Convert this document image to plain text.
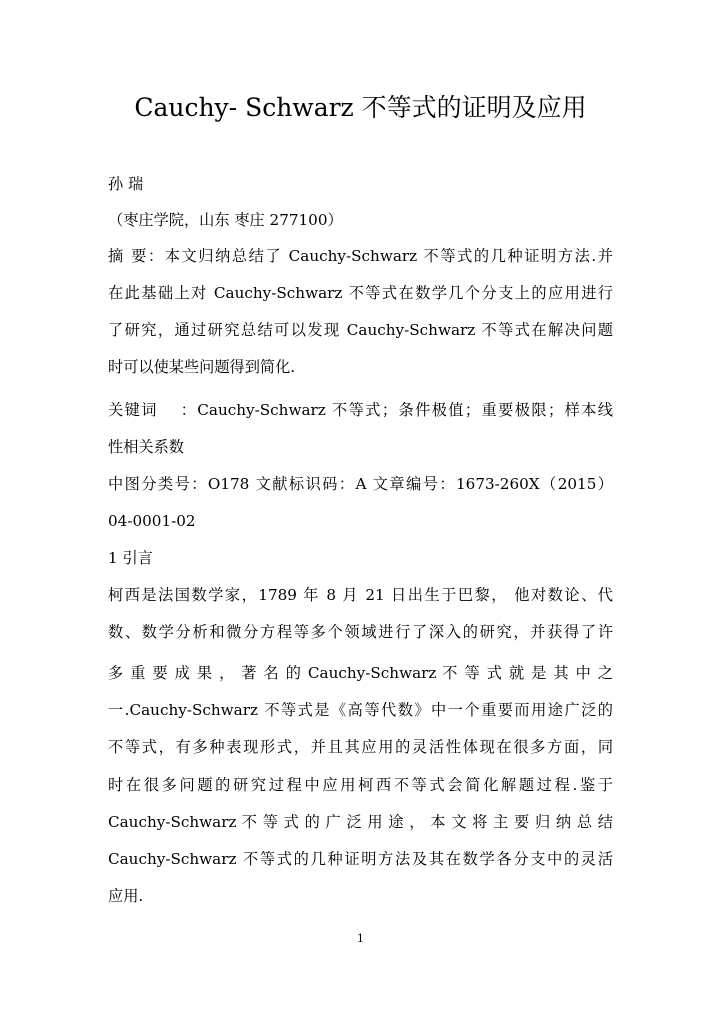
Cauchy- Schwarz 不等式的证明及应用
孙 瑞
（枣庄学院，山东 枣庄 277100）
摘 要：本文归纳总结了 Cauchy-Schwarz 不等式的几种证明方法.并
在此基础上对 Cauchy-Schwarz 不等式在数学几个分支上的应用进行
了研究，通过研究总结可以发现 Cauchy-Schwarz 不等式在解决问题
时可以使某些问题得到简化.
关键词　 ：Cauchy-Schwarz 不等式；条件极值；重要极限；样本线
性相关系数
中图分类号：O178 文献标识码：A 文章编号：1673-260X（2015）
04-0001-02
1 引言
柯西是法国数学家，1789 年 8 月 21 日出生于巴黎， 他对数论、代
数、数学分析和微分方程等多个领域进行了深入的研究，并获得了许
多 重 要 成 果 ， 著 名 的 Cauchy-Schwarz 不 等 式 就 是 其 中 之
一.Cauchy-Schwarz 不等式是《高等代数》中一个重要而用途广泛的
不等式，有多种表现形式，并且其应用的灵活性体现在很多方面，同
时在很多问题的研究过程中应用柯西不等式会简化解题过程.鉴于
Cauchy-Schwarz 不 等 式 的 广 泛 用 途 ， 本 文 将 主 要 归 纳 总 结
Cauchy-Schwarz 不等式的几种证明方法及其在数学各分支中的灵活
应用.
1
